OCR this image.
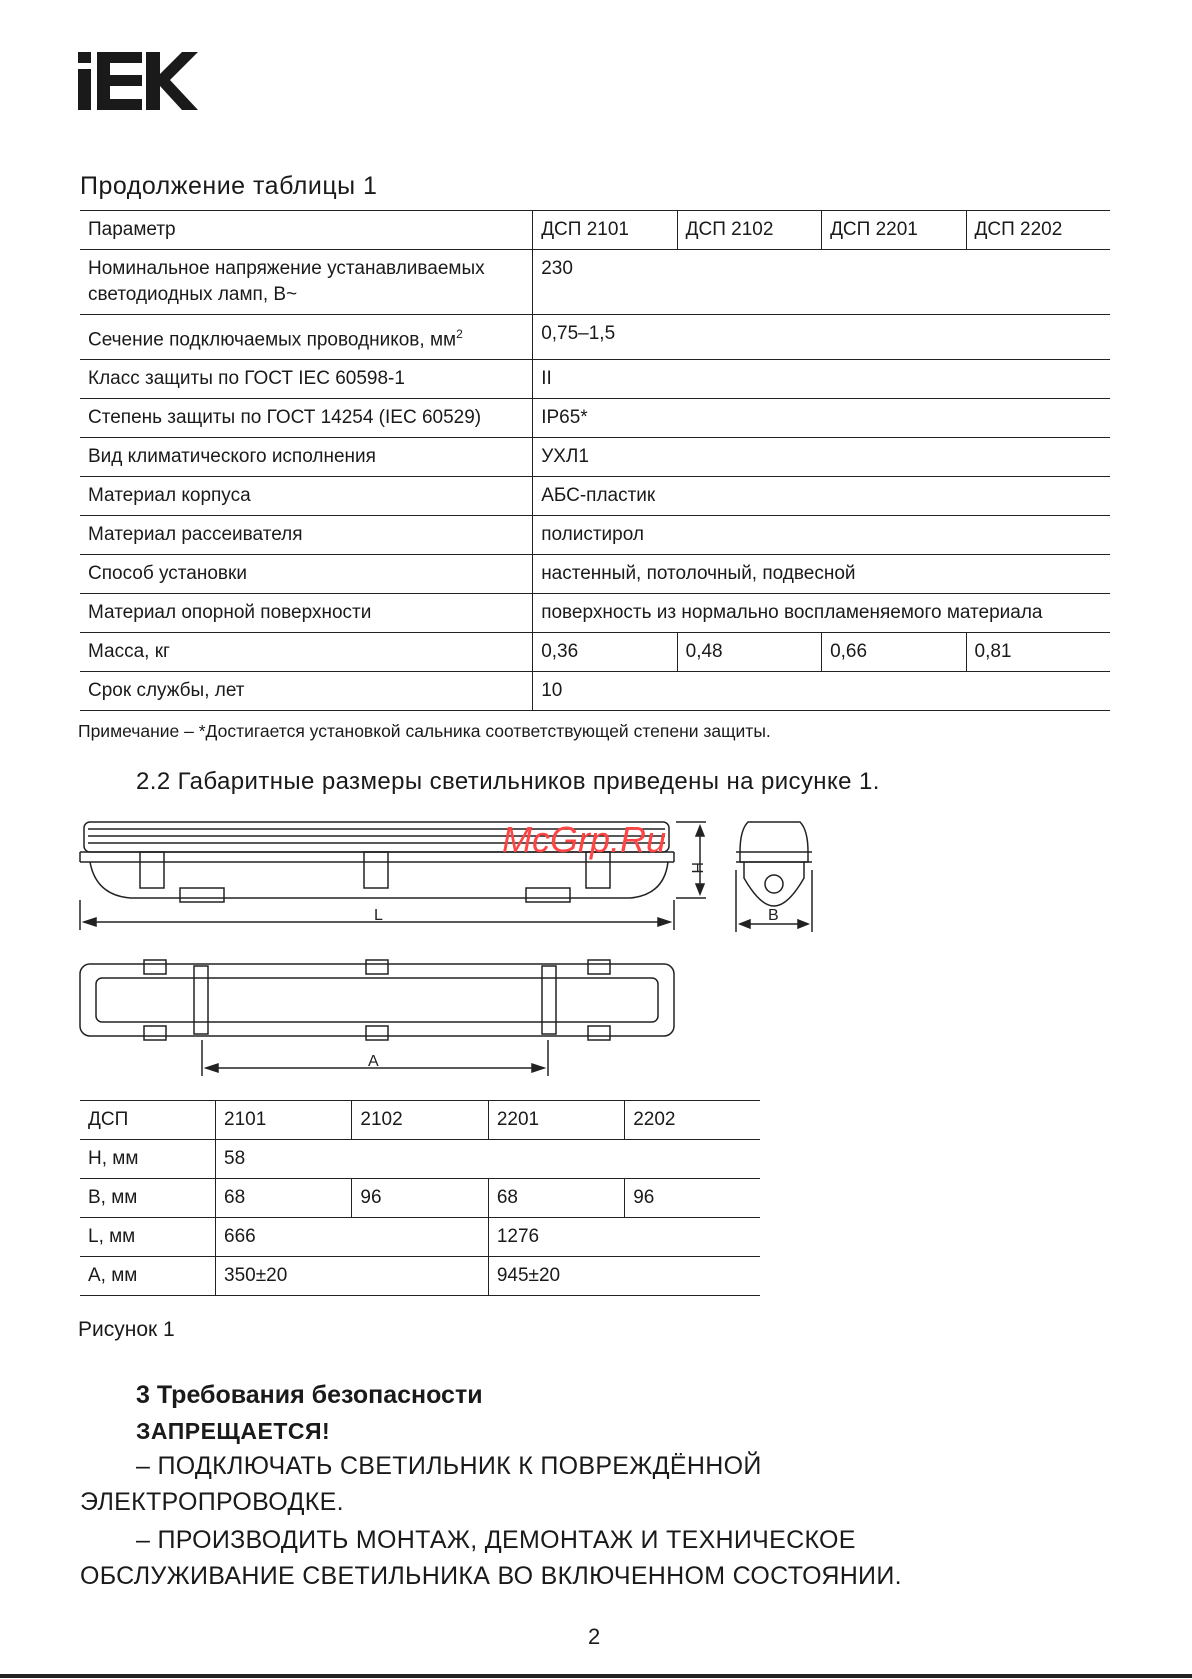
Продолжение таблицы 1
Параметр	ДСП 2101	ДСП 2102	ДСП 2201	ДСП 2202
Номинальное напряжение устанавливаемых светодиодных ламп, В~	230			
Сечение подключаемых проводников, $мм^2$	0,75–1,5			
Класс защиты по ГОСТ IEC 60598-1	II			
Степень защиты по ГОСТ 14254 (IEC 60529)	IP65*			
Вид климатического исполнения	УХЛ1			
Материал корпуса	АБС-пластик			
Материал рассеивателя	полистирол			
Способ установки	настенный, потолочный, подвесной			
Материал опорной поверхности	поверхность из нормально воспламеняемого материала			
Масса, кг	0,36	0,48	0,66	0,81
Срок службы, лет	10			
Примечание – *Достигается установкой сальника соответствующей степени защиты.
2.2 Габаритные размеры светильников приведены на рисунке 1.
L
H
B
A
McGrp.Ru
ДСП	2101	2102	2201	2202
H, мм	58			
B, мм	68	96	68	96
L, мм	666		1276	
A, мм	350±20		945±20	
Рисунок 1
3 Требования безопасности
ЗАПРЕЩАЕТСЯ!
– ПОДКЛЮЧАТЬ СВЕТИЛЬНИК К ПОВРЕЖДЁННОЙ ЭЛЕКТРОПРОВОДКЕ.
– ПРОИЗВОДИТЬ МОНТАЖ, ДЕМОНТАЖ И ТЕХНИЧЕСКОЕ ОБСЛУЖИВАНИЕ СВЕТИЛЬНИКА ВО ВКЛЮЧЕННОМ СОСТОЯНИИ.
2
